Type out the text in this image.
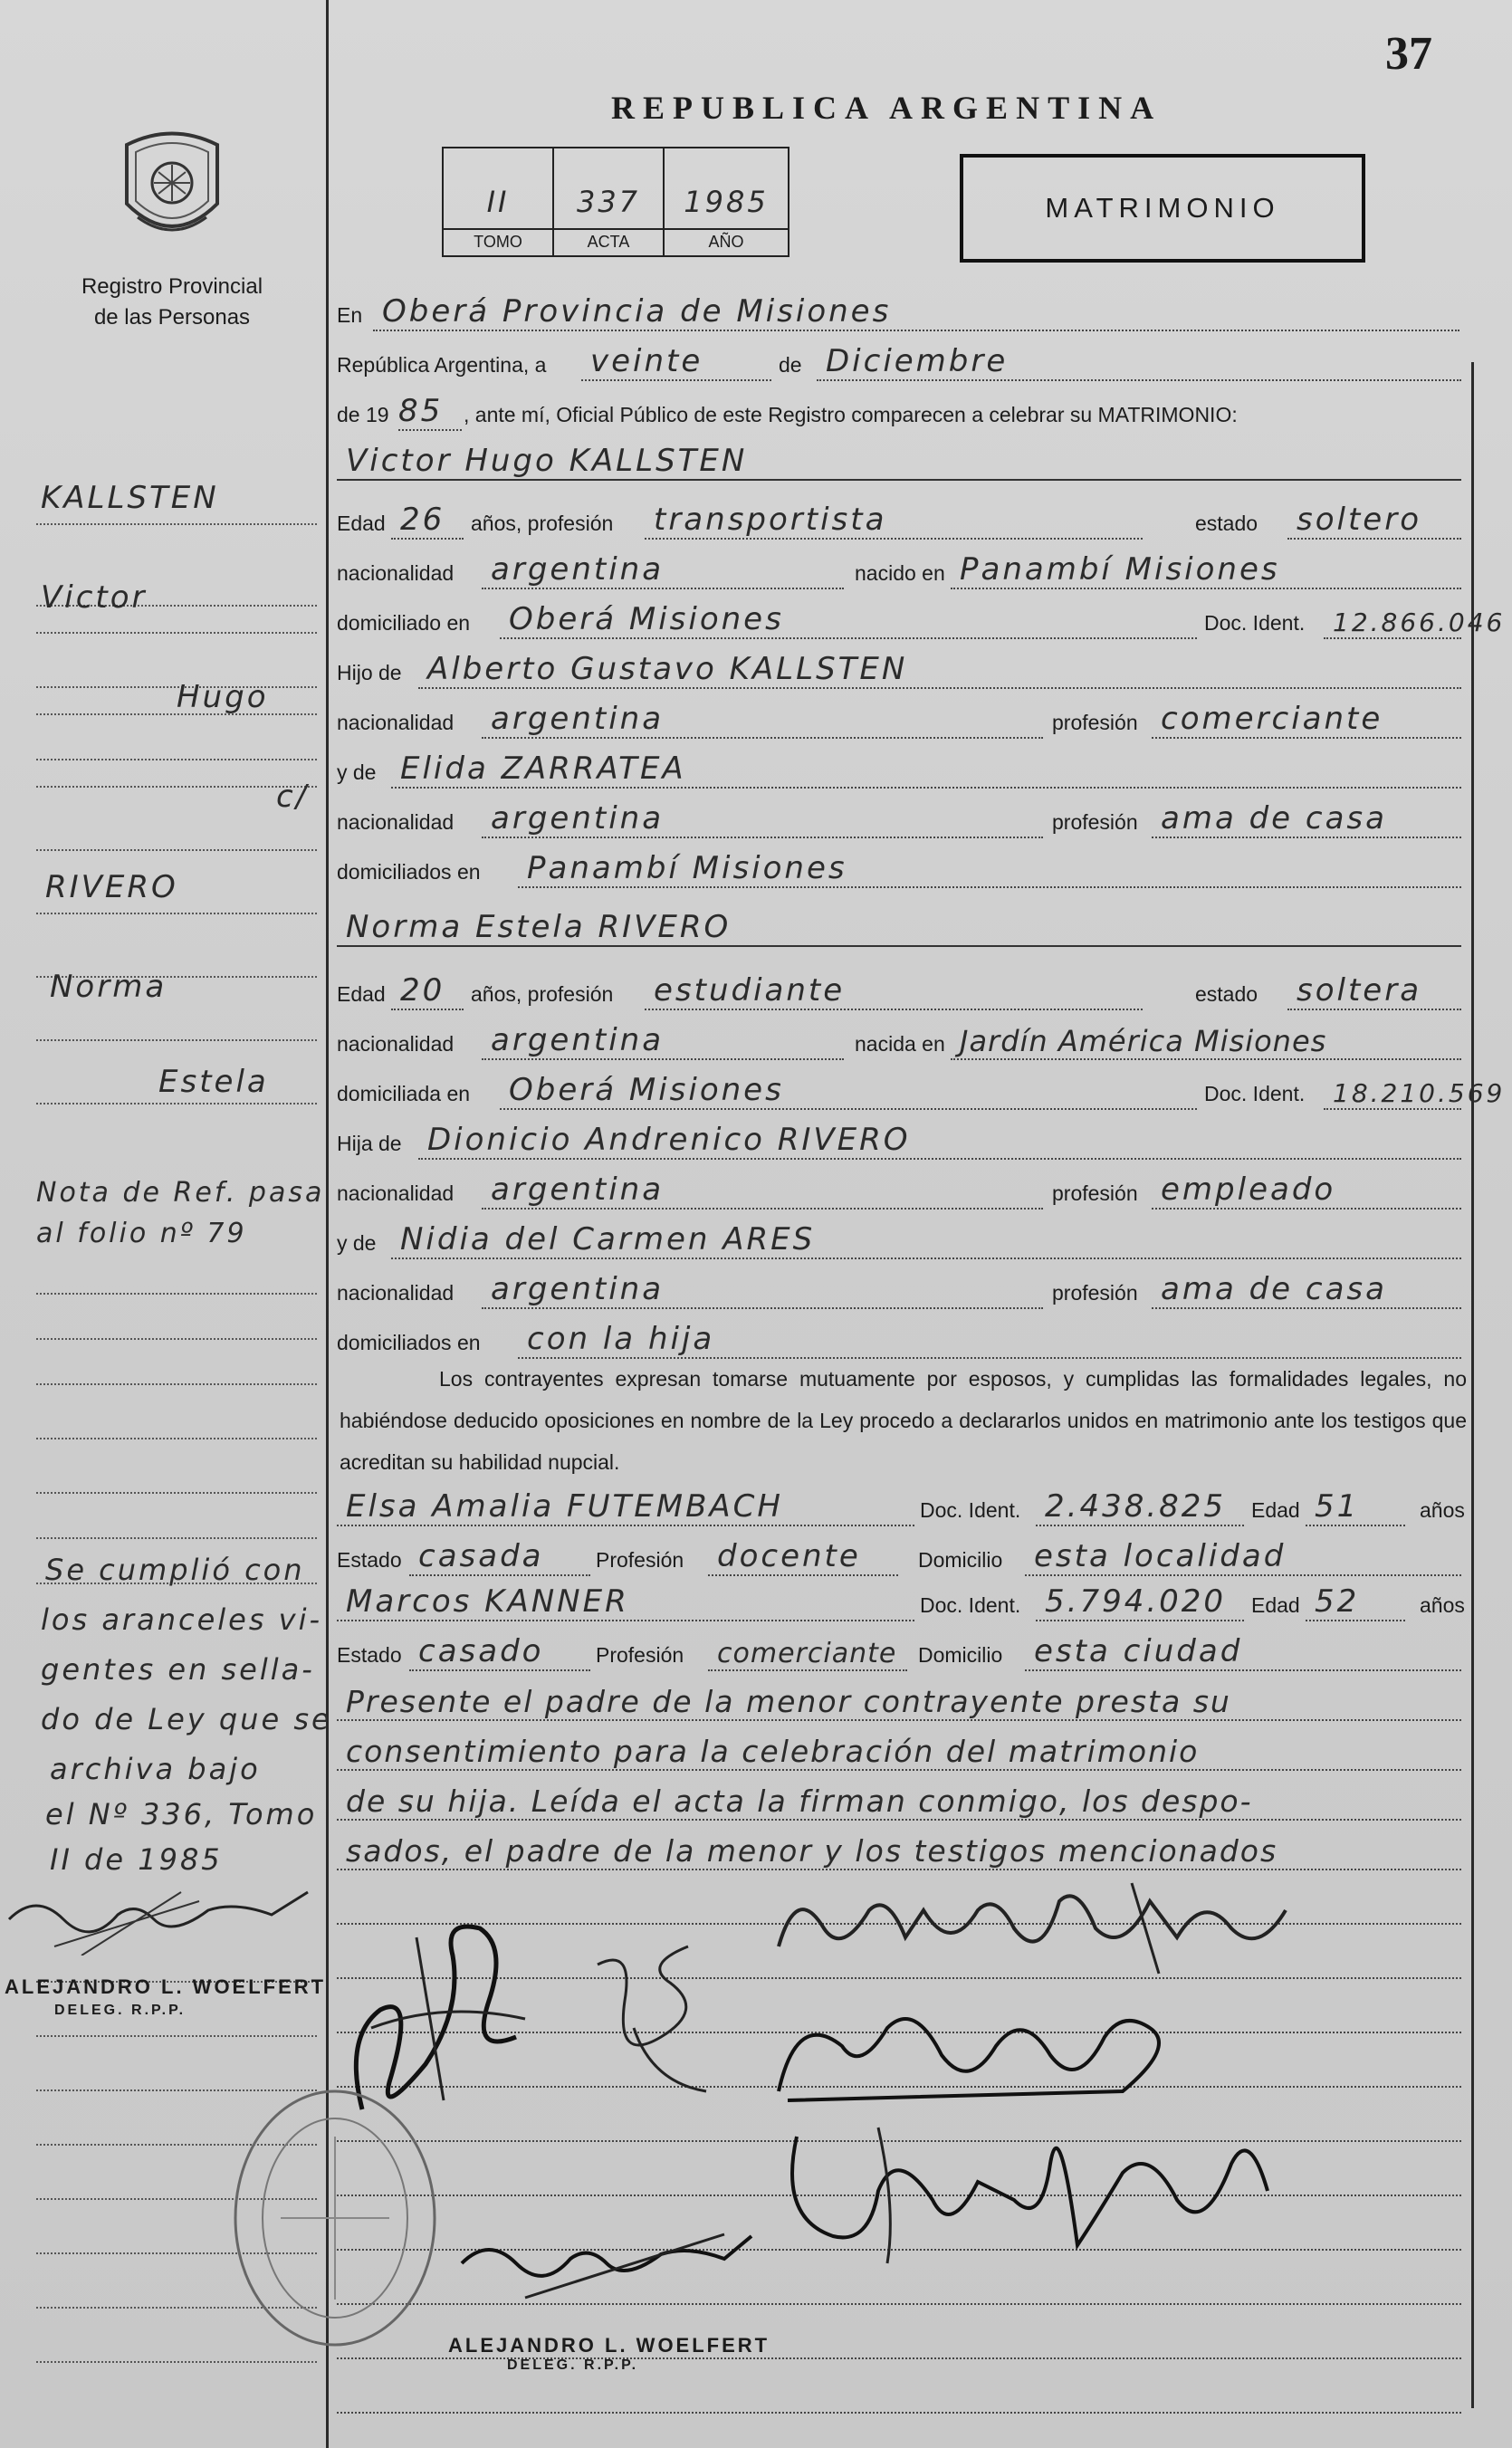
37
REPUBLICA ARGENTINA
II
TOMO
337
ACTA
1985
AÑO
MATRIMONIO
Registro Provincial
de las Personas
KALLSTEN
Victor
Hugo
c/
RIVERO
Norma
Estela
Nota de Ref. pasa
al folio nº 79
Se cumplió con
los aranceles vi-
gentes en sella-
do de Ley que se
archiva bajo
el Nº 336, Tomo
II de 1985
ALEJANDRO L. WOELFERT
DELEG. R.P.P.
En Oberá Provincia de Misiones
República Argentina, a veinte	de Diciembre
de 19 85 , ante mí, Oficial Público de este Registro comparecen a celebrar su MATRIMONIO:
Victor Hugo KALLSTEN
Edad 26 años, profesión transportista	estado soltero
nacionalidad argentina	nacido en Panambí Misiones
domiciliado en Oberá Misiones	Doc. Ident. 12.866.046
Hijo de Alberto Gustavo KALLSTEN
nacionalidad argentina	profesión comerciante
y de Elida ZARRATEA
nacionalidad argentina	profesión ama de casa
domiciliados en Panambí Misiones
Norma Estela RIVERO
Edad 20 años, profesión estudiante	estado soltera
nacionalidad argentina	nacida en Jardín América Misiones
domiciliada en Oberá Misiones	Doc. Ident. 18.210.569
Hija de Dionicio Andrenico RIVERO
nacionalidad argentina	profesión empleado
y de Nidia del Carmen ARES
nacionalidad argentina	profesión ama de casa
domiciliados en con la hija
Los contrayentes expresan tomarse mutuamente por esposos, y cumplidas las formalidades legales, no habiéndose deducido oposiciones en nombre de la Ley procedo a declararlos unidos en matrimonio ante los testigos que acreditan su habilidad nupcial.
Elsa Amalia FUTEMBACH	Doc. Ident. 2.438.825 Edad 51	años
Estado casada	Profesión docente	Domicilio esta localidad
Marcos KANNER	Doc. Ident. 5.794.020 Edad 52	años
Estado casado	Profesión comerciante Domicilio esta ciudad
Presente el padre de la menor contrayente presta su
consentimiento para la celebración del matrimonio
de su hija. Leída el acta la firman conmigo, los despo-
sados, el padre de la menor y los testigos mencionados
ALEJANDRO L. WOELFERT
DELEG. R.P.P.
